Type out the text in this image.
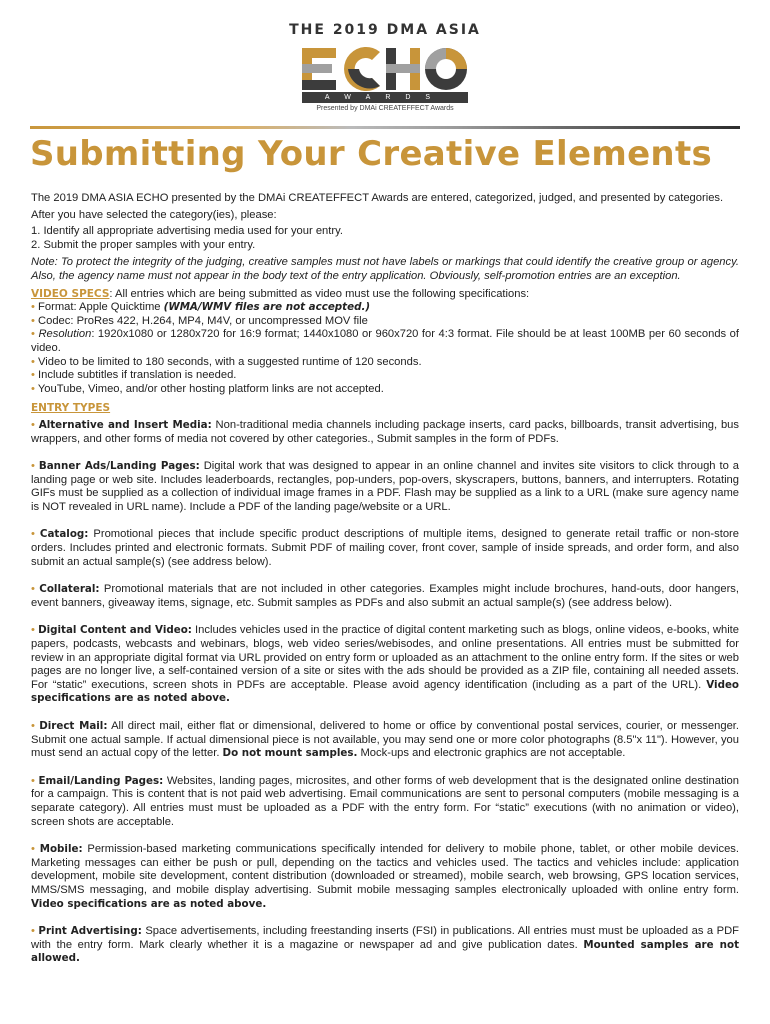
THE 2019 DMA ASIA
AWARDS
Presented by DMAi CREATEFFECT Awards
Submitting Your Creative Elements

The 2019 DMA ASIA ECHO presented by the DMAi CREATEFFECT Awards are entered, categorized, judged, and presented by categories.

After you have selected the category(ies), please:

1. Identify all appropriate advertising media used for your entry.

2. Submit the proper samples with your entry.

Note: To protect the integrity of the judging, creative samples must not have labels or markings that could identify the creative group or agency. Also, the agency name must not appear in the body text of the entry application. Obviously, self-promotion entries are an exception.

VIDEO SPECS: All entries which are being submitted as video must use the following specifications:

• Format: Apple Quicktime (WMA/WMV files are not accepted.)

• Codec: ProRes 422, H.264, MP4, M4V, or uncompressed MOV file

• Resolution: 1920x1080 or 1280x720 for 16:9 format; 1440x1080 or 960x720 for 4:3 format. File should be at least 100MB per 60 seconds of video.

• Video to be limited to 180 seconds, with a suggested runtime of 120 seconds.

• Include subtitles if translation is needed.

• YouTube, Vimeo, and/or other hosting platform links are not accepted.

ENTRY TYPES

• Alternative and Insert Media: Non-traditional media channels including package inserts, card packs, billboards, transit advertising, bus wrappers, and other forms of media not covered by other categories., Submit samples in the form of PDFs.

• Banner Ads/Landing Pages: Digital work that was designed to appear in an online channel and invites site visitors to click through to a landing page or web site. Includes leaderboards, rectangles, pop-unders, pop-overs, skyscrapers, buttons, banners, and interrupters. Rotating GIFs must be supplied as a collection of individual image frames in a PDF. Flash may be supplied as a link to a URL (make sure agency name is NOT revealed in URL name). Include a PDF of the landing page/website or a URL.

• Catalog: Promotional pieces that include specific product descriptions of multiple items, designed to generate retail traffic or non-store orders. Includes printed and electronic formats. Submit PDF of mailing cover, front cover, sample of inside spreads, and order form, and also submit an actual sample(s) (see address below).

• Collateral: Promotional materials that are not included in other categories. Examples might include brochures, hand-outs, door hangers, event banners, giveaway items, signage, etc. Submit samples as PDFs and also submit an actual sample(s) (see address below).

• Digital Content and Video: Includes vehicles used in the practice of digital content marketing such as blogs, online videos, e-books, white papers, podcasts, webcasts and webinars, blogs, web video series/webisodes, and online presentations. All entries must be submitted for review in an appropriate digital format via URL provided on entry form or uploaded as an attachment to the online entry form. If the sites or web pages are no longer live, a self-contained version of a site or sites with the ads should be provided as a ZIP file, containing all needed assets. For “static” executions, screen shots in PDFs are acceptable. Please avoid agency identification (including as a part of the URL). Video specifications are as noted above.

• Direct Mail: All direct mail, either flat or dimensional, delivered to home or office by conventional postal services, courier, or messenger. Submit one actual sample. If actual dimensional piece is not available, you may send one or more color photographs (8.5"x 11"). However, you must send an actual copy of the letter. Do not mount samples. Mock-ups and electronic graphics are not acceptable.

• Email/Landing Pages: Websites, landing pages, microsites, and other forms of web development that is the designated online destination for a campaign. This is content that is not paid web advertising. Email communications are sent to personal computers (mobile messaging is a separate category). All entries must must be uploaded as a PDF with the entry form. For “static” executions (with no animation or video), screen shots are acceptable.

• Mobile: Permission-based marketing communications specifically intended for delivery to mobile phone, tablet, or other mobile devices. Marketing messages can either be push or pull, depending on the tactics and vehicles used. The tactics and vehicles include: application development, mobile site development, content distribution (downloaded or streamed), mobile search, web browsing, GPS location services, MMS/SMS messaging, and mobile display advertising. Submit mobile messaging samples electronically uploaded with online entry form. Video specifications are as noted above.

• Print Advertising: Space advertisements, including freestanding inserts (FSI) in publications. All entries must must be uploaded as a PDF with the entry form. Mark clearly whether it is a magazine or newspaper ad and give publication dates. Mounted samples are not allowed.
